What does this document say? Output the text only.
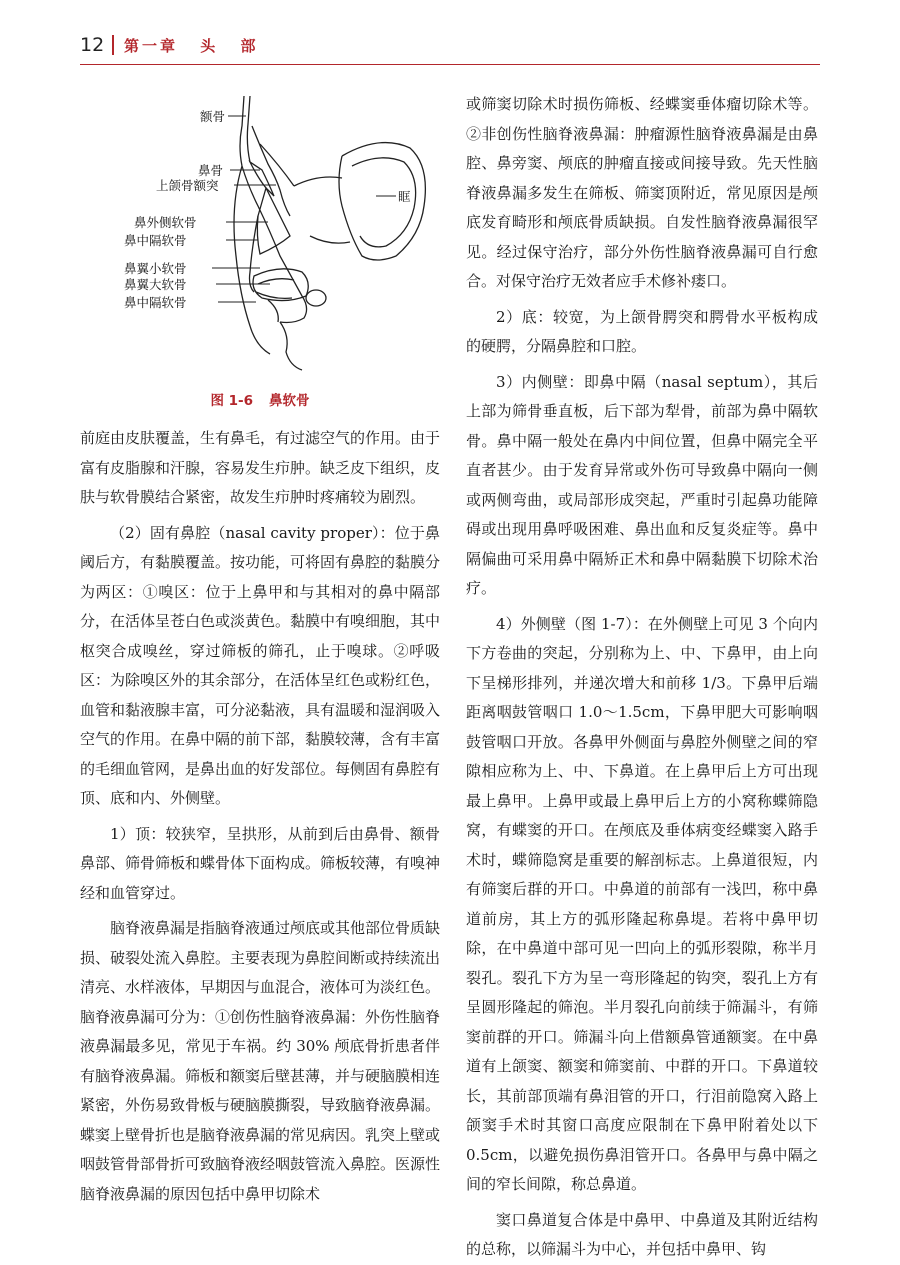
12 第一章 头 部
额骨
鼻骨
上颌骨额突
鼻外侧软骨
鼻中隔软骨
鼻翼小软骨
鼻翼大软骨
鼻中隔软骨
眶
图 1-6 鼻软骨

前庭由皮肤覆盖，生有鼻毛，有过滤空气的作用。由于富有皮脂腺和汗腺，容易发生疖肿。缺乏皮下组织，皮肤与软骨膜结合紧密，故发生疖肿时疼痛较为剧烈。

（2）固有鼻腔（nasal cavity proper）：位于鼻阈后方，有黏膜覆盖。按功能，可将固有鼻腔的黏膜分为两区：①嗅区：位于上鼻甲和与其相对的鼻中隔部分，在活体呈苍白色或淡黄色。黏膜中有嗅细胞，其中枢突合成嗅丝，穿过筛板的筛孔，止于嗅球。②呼吸区：为除嗅区外的其余部分，在活体呈红色或粉红色，血管和黏液腺丰富，可分泌黏液，具有温暖和湿润吸入空气的作用。在鼻中隔的前下部，黏膜较薄，含有丰富的毛细血管网，是鼻出血的好发部位。每侧固有鼻腔有顶、底和内、外侧壁。

1）顶：较狭窄，呈拱形，从前到后由鼻骨、额骨鼻部、筛骨筛板和蝶骨体下面构成。筛板较薄，有嗅神经和血管穿过。

脑脊液鼻漏是指脑脊液通过颅底或其他部位骨质缺损、破裂处流入鼻腔。主要表现为鼻腔间断或持续流出清亮、水样液体，早期因与血混合，液体可为淡红色。脑脊液鼻漏可分为：①创伤性脑脊液鼻漏：外伤性脑脊液鼻漏最多见，常见于车祸。约 30% 颅底骨折患者伴有脑脊液鼻漏。筛板和额窦后壁甚薄，并与硬脑膜相连紧密，外伤易致骨板与硬脑膜撕裂，导致脑脊液鼻漏。蝶窦上壁骨折也是脑脊液鼻漏的常见病因。乳突上壁或咽鼓管骨部骨折可致脑脊液经咽鼓管流入鼻腔。医源性脑脊液鼻漏的原因包括中鼻甲切除术

或筛窦切除术时损伤筛板、经蝶窦垂体瘤切除术等。②非创伤性脑脊液鼻漏：肿瘤源性脑脊液鼻漏是由鼻腔、鼻旁窦、颅底的肿瘤直接或间接导致。先天性脑脊液鼻漏多发生在筛板、筛窦顶附近，常见原因是颅底发育畸形和颅底骨质缺损。自发性脑脊液鼻漏很罕见。经过保守治疗，部分外伤性脑脊液鼻漏可自行愈合。对保守治疗无效者应手术修补瘘口。

2）底：较宽，为上颌骨腭突和腭骨水平板构成的硬腭，分隔鼻腔和口腔。

3）内侧壁：即鼻中隔（nasal septum），其后上部为筛骨垂直板，后下部为犁骨，前部为鼻中隔软骨。鼻中隔一般处在鼻内中间位置，但鼻中隔完全平直者甚少。由于发育异常或外伤可导致鼻中隔向一侧或两侧弯曲，或局部形成突起，严重时引起鼻功能障碍或出现用鼻呼吸困难、鼻出血和反复炎症等。鼻中隔偏曲可采用鼻中隔矫正术和鼻中隔黏膜下切除术治疗。

4）外侧壁（图 1-7）：在外侧壁上可见 3 个向内下方卷曲的突起，分别称为上、中、下鼻甲，由上向下呈梯形排列，并递次增大和前移 1/3。下鼻甲后端距离咽鼓管咽口 1.0～1.5cm，下鼻甲肥大可影响咽鼓管咽口开放。各鼻甲外侧面与鼻腔外侧壁之间的窄隙相应称为上、中、下鼻道。在上鼻甲后上方可出现最上鼻甲。上鼻甲或最上鼻甲后上方的小窝称蝶筛隐窝，有蝶窦的开口。在颅底及垂体病变经蝶窦入路手术时，蝶筛隐窝是重要的解剖标志。上鼻道很短，内有筛窦后群的开口。中鼻道的前部有一浅凹，称中鼻道前房，其上方的弧形隆起称鼻堤。若将中鼻甲切除，在中鼻道中部可见一凹向上的弧形裂隙，称半月裂孔。裂孔下方为呈一弯形隆起的钩突，裂孔上方有呈圆形隆起的筛泡。半月裂孔向前续于筛漏斗，有筛窦前群的开口。筛漏斗向上借额鼻管通额窦。在中鼻道有上颌窦、额窦和筛窦前、中群的开口。下鼻道较长，其前部顶端有鼻泪管的开口，行泪前隐窝入路上颌窦手术时其窗口高度应限制在下鼻甲附着处以下 0.5cm，以避免损伤鼻泪管开口。各鼻甲与鼻中隔之间的窄长间隙，称总鼻道。

窦口鼻道复合体是中鼻甲、中鼻道及其附近结构的总称，以筛漏斗为中心，并包括中鼻甲、钩
